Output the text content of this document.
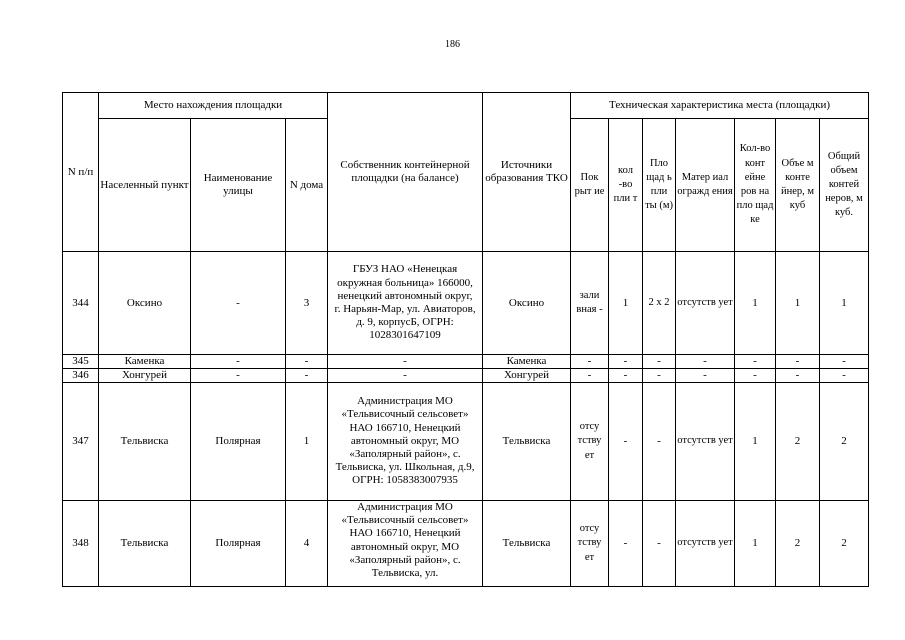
186
N п/п	Место нахождения площадки			Собственник контейнерной площадки (на балансе)	Источники образования ТКО	Техническая характеристика места (площадки)						
	Населенный пункт	Наименование улицы	N дома			Пок рыт ие	кол -во пли т	Пло щад ь пли ты (м)	Матер иал огражд ения	Кол-во конт ейне ров на пло щад ке	Объе м конте йнер, м куб	Общий объем контей неров, м куб.
344	Оксино	-	3	ГБУЗ НАО «Ненецкая окружная больница» 166000, ненецкий автономный округ, г. Нарьян-Мар, ул. Авиаторов, д. 9, корпусБ, ОГРН: 1028301647109	Оксино	зали вная -	1	2 х 2	отсутств ует	1	1	1
345	Каменка	-	-	-	Каменка	-	-	-	-	-	-	-
346	Хонгурей	-	-	-	Хонгурей	-	-	-	-	-	-	-
347	Тельвиска	Полярная	1	Администрация МО «Тельвисочный сельсовет» НАО 166710, Ненецкий автономный округ, МО «Заполярный район», с. Тельвиска, ул. Школьная, д.9, ОГРН: 1058383007935	Тельвиска	отсу тству ет	-	-	отсутств ует	1	2	2
348	Тельвиска	Полярная	4	Администрация МО «Тельвисочный сельсовет» НАО 166710, Ненецкий автономный округ, МО «Заполярный район», с. Тельвиска, ул.	Тельвиска	отсу тству ет	-	-	отсутств ует	1	2	2
